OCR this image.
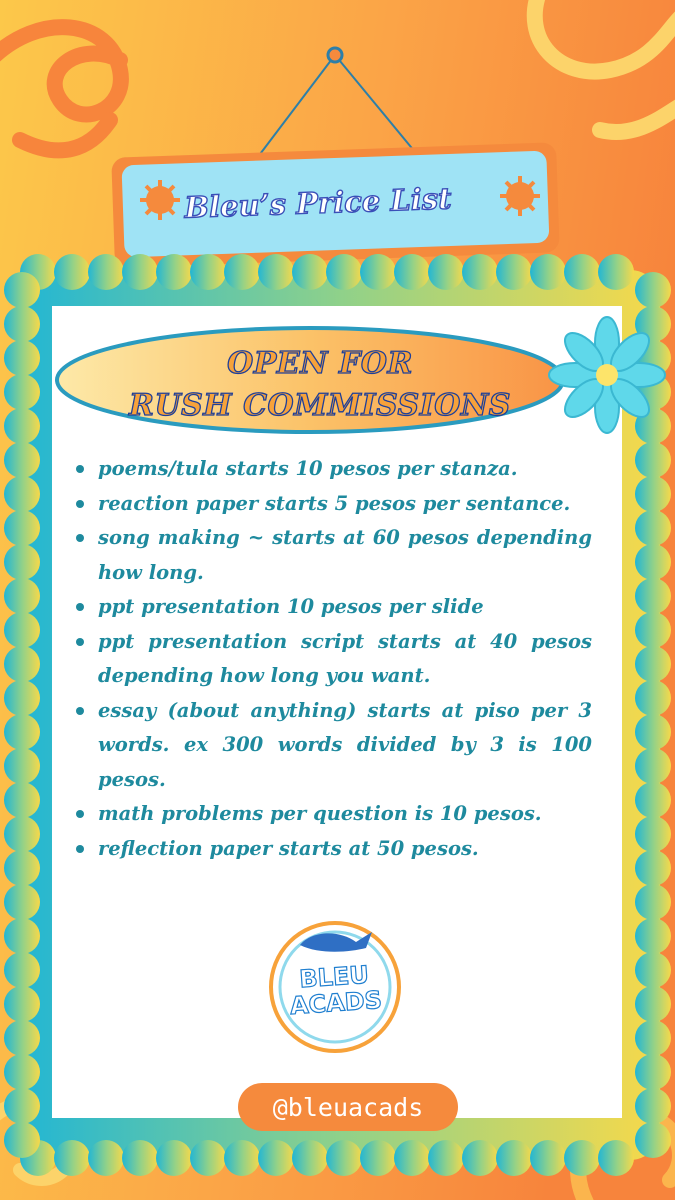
Bleu’s Price List
OPEN FOR
RUSH COMMISSIONS
poems/tula starts 10 pesos per stanza.
reaction paper starts 5 pesos per sentance.
song making ~ starts at 60 pesos depending how long.
ppt presentation 10 pesos per slide
ppt presentation script starts at 40 pesos depending how long you want.
essay (about anything) starts at piso per 3 words. ex 300 words divided by 3 is 100 pesos.
math problems per question is 10 pesos.
reflection paper starts at 50 pesos.
BLEU
ACADS
@bleuacads
